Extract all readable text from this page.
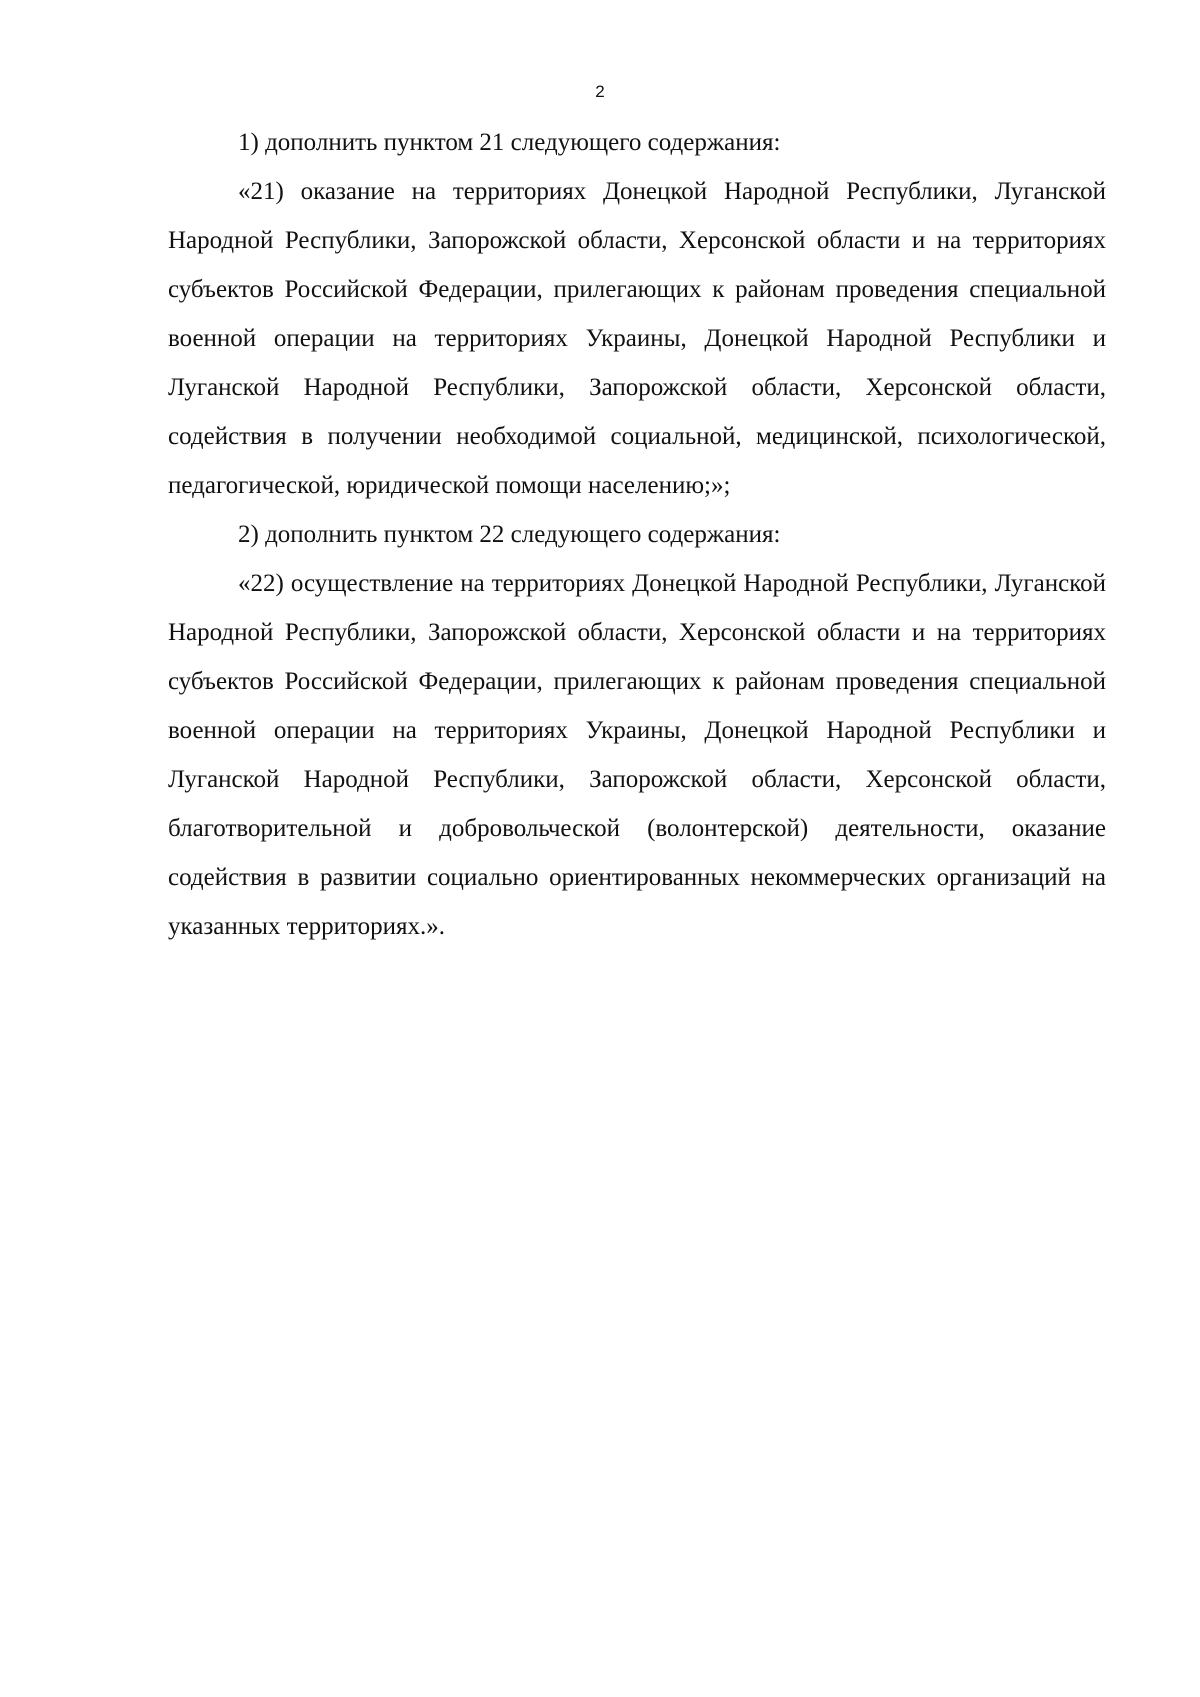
2

1) дополнить пунктом 21 следующего содержания:

«21) оказание на территориях Донецкой Народной Республики, Луганской Народной Республики, Запорожской области, Херсонской области и на территориях субъектов Российской Федерации, прилегающих к районам проведения специальной военной операции на территориях Украины, Донецкой Народной Республики и Луганской Народной Республики, Запорожской области, Херсонской области, содействия в получении необходимой социальной, медицинской, психологической, педагогической, юридической помощи населению;»;

2) дополнить пунктом 22 следующего содержания:

«22) осуществление на территориях Донецкой Народной Республики, Луганской Народной Республики, Запорожской области, Херсонской области и на территориях субъектов Российской Федерации, прилегающих к районам проведения специальной военной операции на территориях Украины, Донецкой Народной Республики и Луганской Народной Республики, Запорожской области, Херсонской области, благотворительной и добровольческой (волонтерской) деятельности, оказание содействия в развитии социально ориентированных некоммерческих организаций на указанных территориях.».
